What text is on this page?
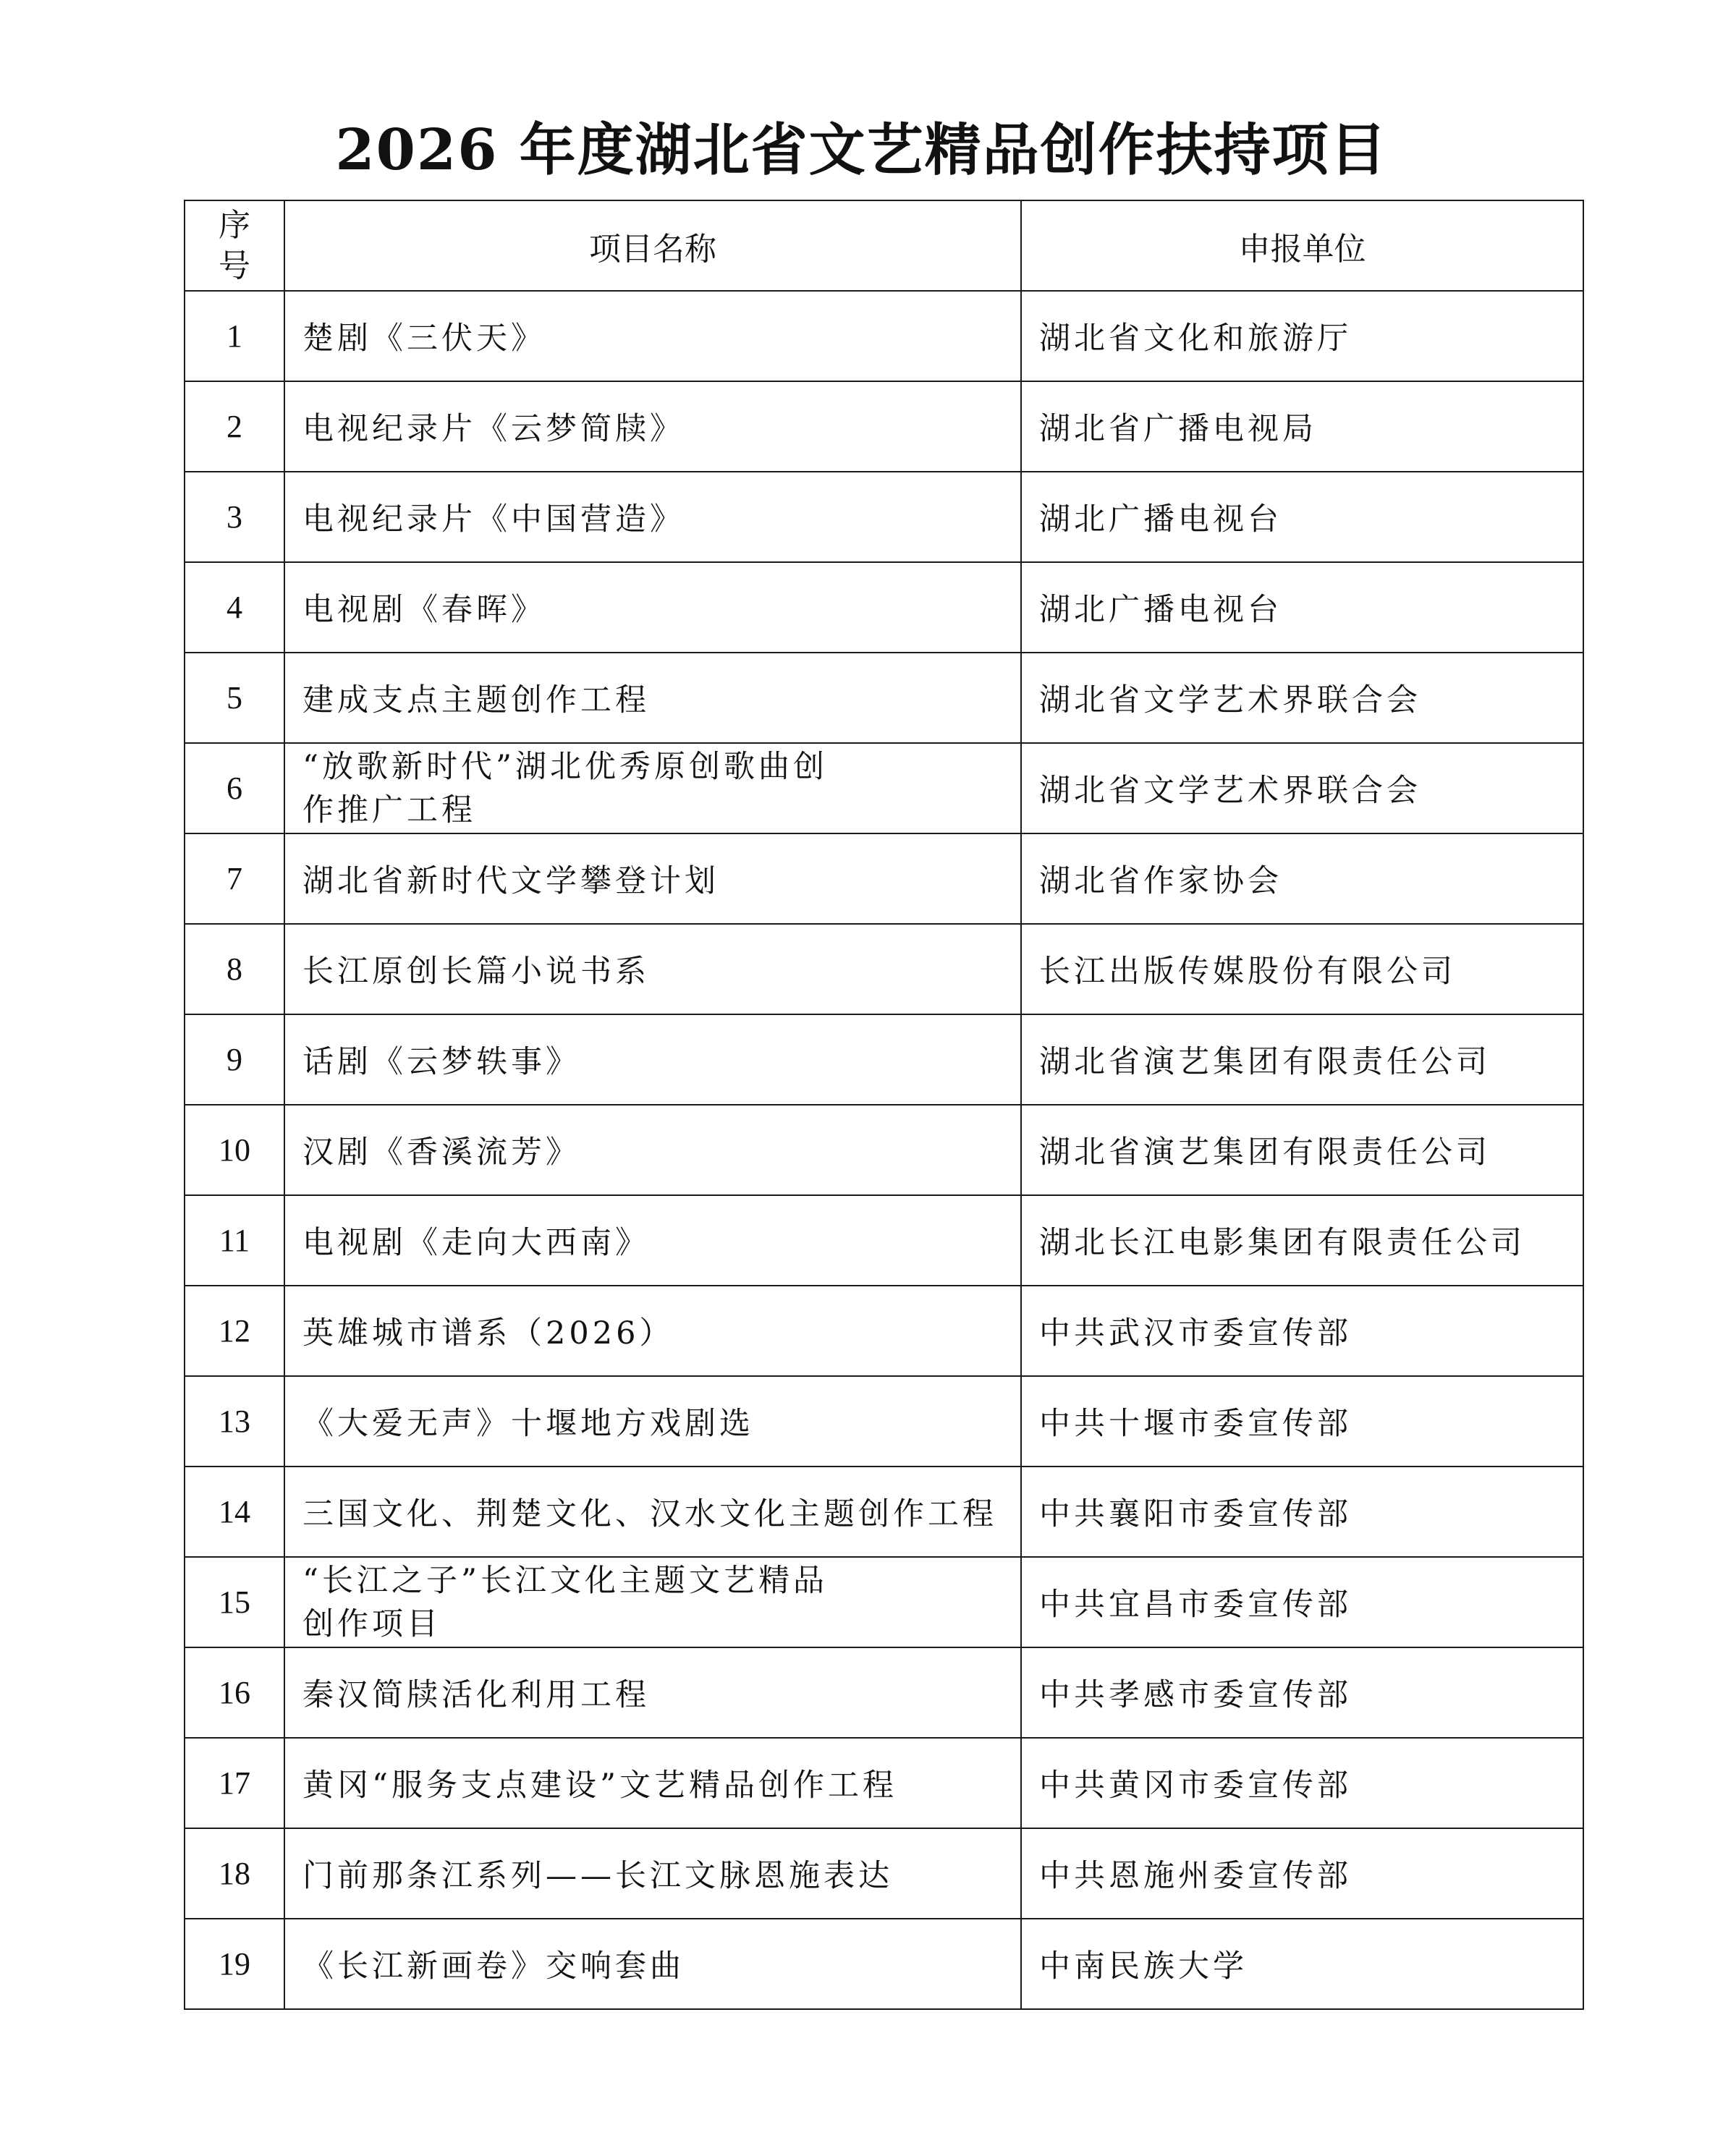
2026 年度湖北省文艺精品创作扶持项目
序号	项目名称	申报单位
1	楚剧《三伏天》	湖北省文化和旅游厅
2	电视纪录片《云梦简牍》	湖北省广播电视局
3	电视纪录片《中国营造》	湖北广播电视台
4	电视剧《春晖》	湖北广播电视台
5	建成支点主题创作工程	湖北省文学艺术界联合会
6	“放歌新时代”湖北优秀原创歌曲创作推广工程	湖北省文学艺术界联合会
7	湖北省新时代文学攀登计划	湖北省作家协会
8	长江原创长篇小说书系	长江出版传媒股份有限公司
9	话剧《云梦轶事》	湖北省演艺集团有限责任公司
10	汉剧《香溪流芳》	湖北省演艺集团有限责任公司
11	电视剧《走向大西南》	湖北长江电影集团有限责任公司
12	英雄城市谱系（2026）	中共武汉市委宣传部
13	《大爱无声》十堰地方戏剧选	中共十堰市委宣传部
14	三国文化、荆楚文化、汉水文化主题创作工程	中共襄阳市委宣传部
15	“长江之子”长江文化主题文艺精品创作项目	中共宜昌市委宣传部
16	秦汉简牍活化利用工程	中共孝感市委宣传部
17	黄冈“服务支点建设”文艺精品创作工程	中共黄冈市委宣传部
18	门前那条江系列——长江文脉恩施表达	中共恩施州委宣传部
19	《长江新画卷》交响套曲	中南民族大学
